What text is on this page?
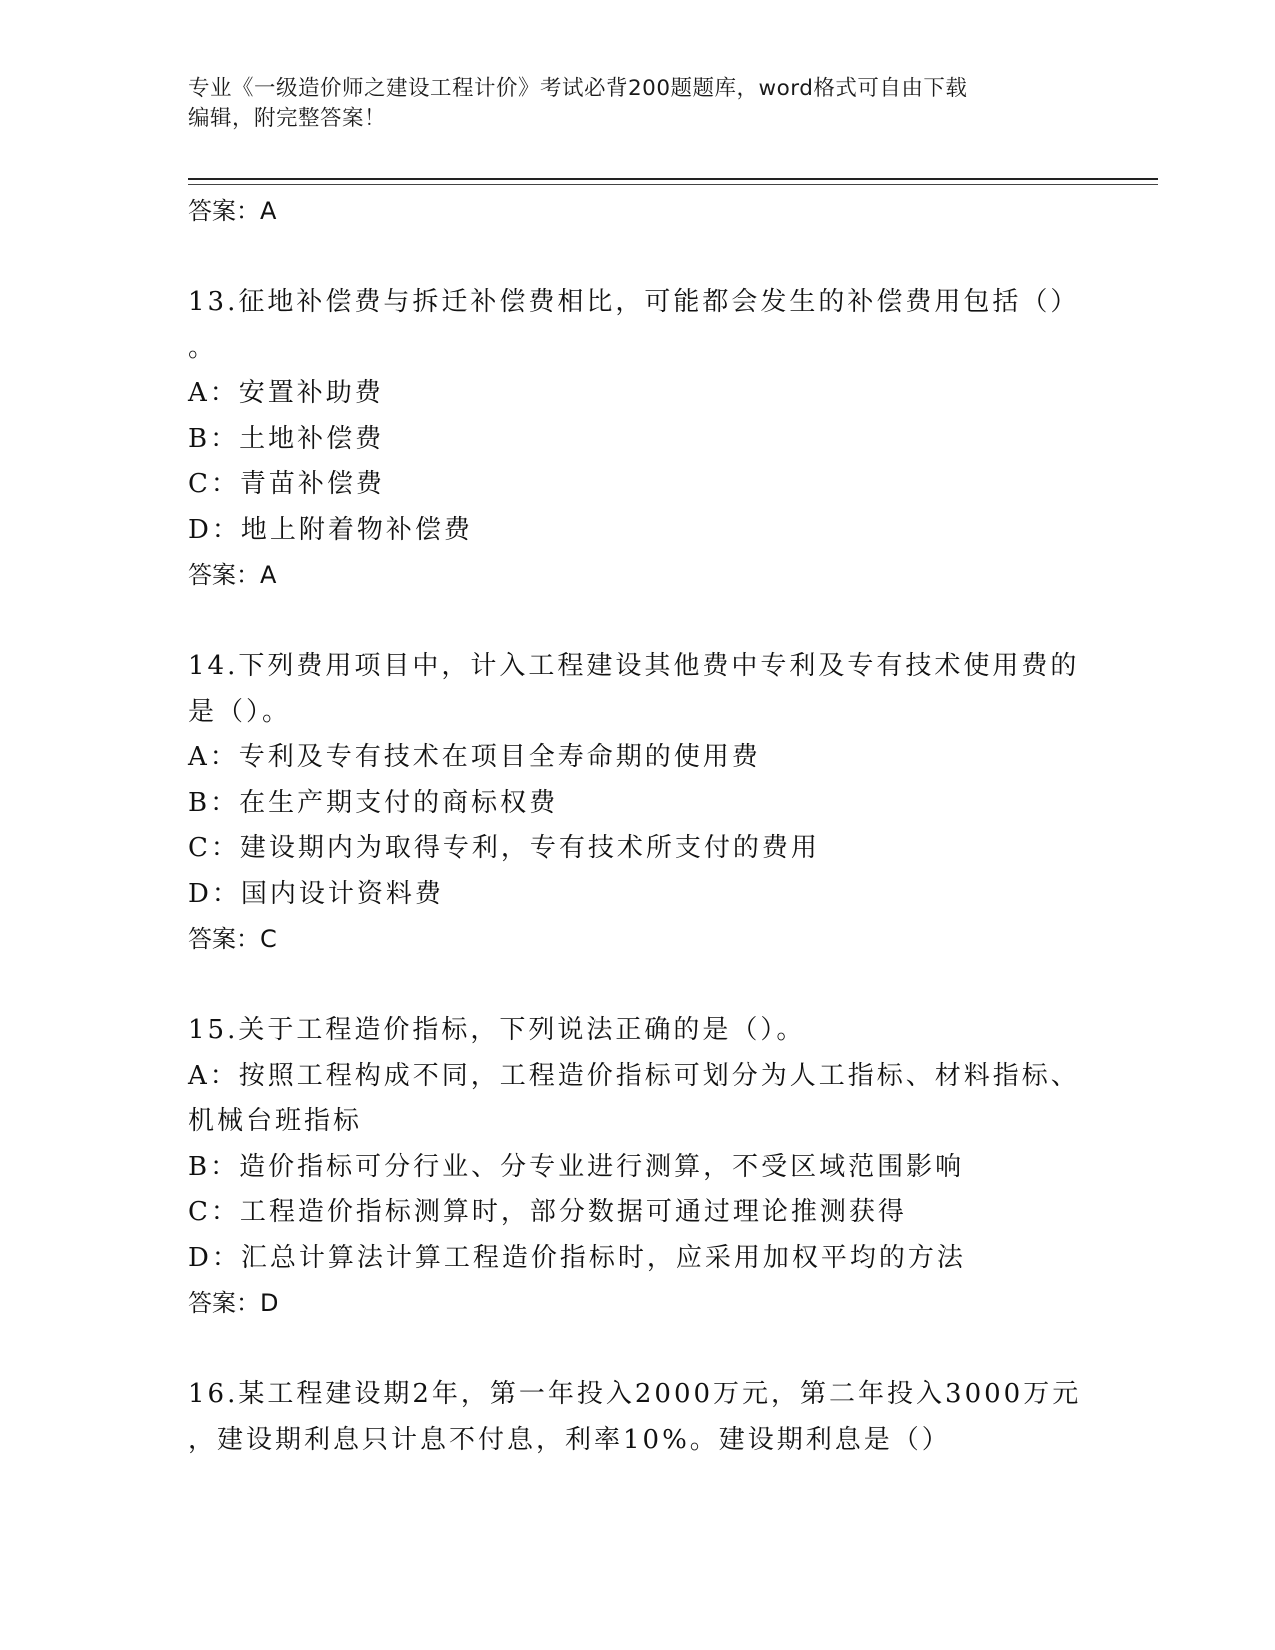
专业《一级造价师之建设工程计价》考试必背200题题库，word格式可自由下载
编辑，附完整答案！
答案：A
13.征地补偿费与拆迁补偿费相比，可能都会发生的补偿费用包括（）
。
A：安置补助费
B：土地补偿费
C：青苗补偿费
D：地上附着物补偿费
答案：A
14.下列费用项目中，计入工程建设其他费中专利及专有技术使用费的
是（）。
A：专利及专有技术在项目全寿命期的使用费
B：在生产期支付的商标权费
C：建设期内为取得专利，专有技术所支付的费用
D：国内设计资料费
答案：C
15.关于工程造价指标，下列说法正确的是（）。
A：按照工程构成不同，工程造价指标可划分为人工指标、材料指标、
机械台班指标
B：造价指标可分行业、分专业进行测算，不受区域范围影响
C：工程造价指标测算时，部分数据可通过理论推测获得
D：汇总计算法计算工程造价指标时，应采用加权平均的方法
答案：D
16.某工程建设期2年，第一年投入2000万元，第二年投入3000万元
，建设期利息只计息不付息，利率10%。建设期利息是（）
